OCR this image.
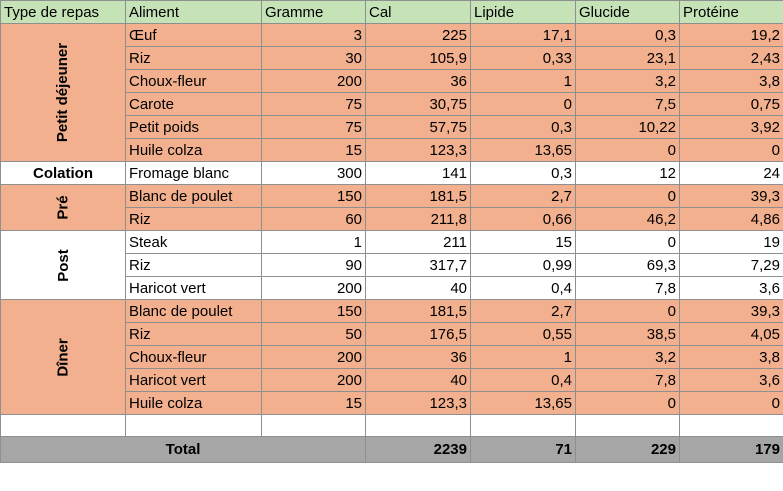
Type de repas	Aliment	Gramme	Cal	Lipide	Glucide	Protéine
Petit déjeuner	Œuf	3	225	17,1	0,3	19,2
	Riz	30	105,9	0,33	23,1	2,43
	Choux-fleur	200	36	1	3,2	3,8
	Carote	75	30,75	0	7,5	0,75
	Petit poids	75	57,75	0,3	10,22	3,92
	Huile colza	15	123,3	13,65	0	0
Colation	Fromage blanc	300	141	0,3	12	24
Pré	Blanc de poulet	150	181,5	2,7	0	39,3
	Riz	60	211,8	0,66	46,2	4,86
Post	Steak	1	211	15	0	19
	Riz	90	317,7	0,99	69,3	7,29
	Haricot vert	200	40	0,4	7,8	3,6
Dîner	Blanc de poulet	150	181,5	2,7	0	39,3
	Riz	50	176,5	0,55	38,5	4,05
	Choux-fleur	200	36	1	3,2	3,8
	Haricot vert	200	40	0,4	7,8	3,6
	Huile colza	15	123,3	13,65	0	0

Total			2239	71	229	179
